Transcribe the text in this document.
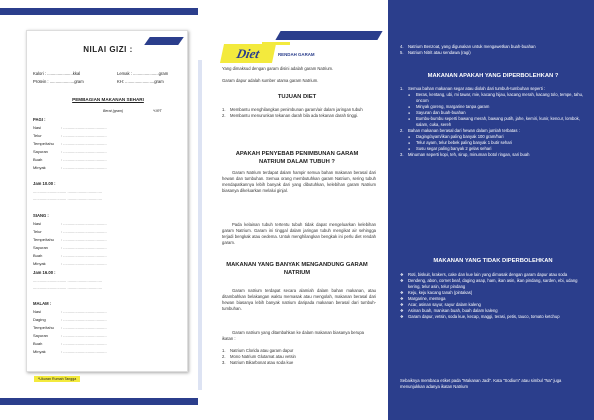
NILAI GIZI :
Kalori : ......................kkal	Lemak : ......................gram
Protein : .....................gram	KH: .........................gram
PEMBAGIAN MAKANAN SEHARI
Berat (gram)	*URT
PAGI :
Nasi	: .......................................
Telur	: .......................................
Tempe/tahu : .......................................
Sayuran	: .......................................
Buah	: .......................................
Minyak	: .......................................
Jam 10.00 :
.............................. ...............................
.............................. ...............................
SIANG :
Nasi	: .......................................
Telur	: .......................................
Tempe/tahu : .......................................
Sayuran	: .......................................
Buah	: .......................................
Minyak	: .......................................
Jam 16.00 :
.............................. ...............................
.............................. ...............................
MALAM :
Nasi	: .......................................
Daging	: .......................................
Tempe/tahu : .......................................
Sayuran	: .......................................
Buah	: .......................................
Minyak	: .......................................
*Ukuran Rumah Tangga
Diet	RENDAH GARAM
Yang dimaksud dengan garam disini adalah garam Natrium.
Garam dapur adalah sumber utama garam Natrium.
TUJUAN DIET
1. Membantu menghilangkan penimbunan garam/air dalam jaringan tubuh
2. Membantu menurunkan tekanan darah bila ada tekanan darah tinggi.
APAKAH PENYEBAB PENIMBUNAN GARAM NATRIUM DALAM TUBUH ?
Garam Natrium terdapat dalam hampir semua bahan makanan berasal dari hewan dan tumbuhan. Semua orang membutuhkan garam Natrium, sering tubuh mendapatkannya lebih banyak dari yang dibutuhkan, kelebihan garam Natrium biasanya dikeluarkan melalui ginjal.
Pada kelainan tubuh tertentu tubuh tidak dapat mengeluarkan kelebihan garam Natrium. Garam ini tinggal dalam jaringan tubuh mengikat air sehingga terjadi bengkak atau oedema. Untuk menghilangkan bengkak ini perlu diet rendah garam.
MAKANAN YANG BANYAK MENGANDUNG GARAM NATRIUM
Garam natrium terdapat secara alamiah dalam bahan makanan, atau ditambahkan belakangan waktu memasak atau mengolah, makanan berasal dari hewan biasanya lebih banyak natrium daripada makanan berasal dari tumbuh-tumbuhan.
Garam natrium yang ditambahkan ke dalam makanan biasanya berupa ikatan :
1. Natrium Clorida atau garam dapur
2. Mono Natrium Glutamat atau vetsin
3. Natrium Bikarbonat atau soda kue
4. Natrium Benzoat, yang digunakan untuk mengawetkan buah-buahan
5. Natrium Nitrit atau sendawa (ragi)
MAKANAN APAKAH YANG DIPERBOLEHKAN ?
1. Semua bahan makanan segar atau diolah dari tumbuh-tumbuhan seperti :
● Beras, kentang, ubi, mi tawar, mie, kacang hijau, kacang merah, kacang tolo, tempe, tahu, oncom
● Minyak goreng, margarine tanpa garam
● Sayuran dan buah-buahan
● Bumbu-bumbu seperti bawang merah, bawang putih, jahe, kemiri, kunir, kencur, lombok, salam, cuka, sereh
2. Bahan makanan berasal dari hewan dalam jumlah terbatas :
● Daging/ayam/ikan paling banyak 100 gram/hari
● Telur ayam, telur bebek paling banyak 1 butir sehari
● Susu segar paling banyak 2 gelas sehari
3. Minuman seperti kopi, teh, sirup, minuman botol ringan, sari buah
MAKANAN YANG TIDAK DIPERBOLEHKAN
❖ Roti, biskuit, krakers, cake dan kue lain yang dimasak dengan garam dapur atau soda
❖ Dendeng, abon, cornet beaf, daging asap, ham, ikan asin, ikan pindang, sarden, ebi, udang kering, telur asin, telur pindang
❖ Keju, keju kacang tanah (pintakas)
❖ Margarine, mentega
❖ Acar, asinan sayur, sayur dalam kaleng
❖ Asinan buah, manisan buah, buah dalam kaleng
❖ Garam dapur, vetsin, soda kue, kecap, maggi, terasi, petis, tauco, tomato ketchup
Sebaiknya membaca etiket pada "Makanan Jadi". Kata "Sodium" atau simbul "Na" juga menunjukkan adanya ikatan Natrium
